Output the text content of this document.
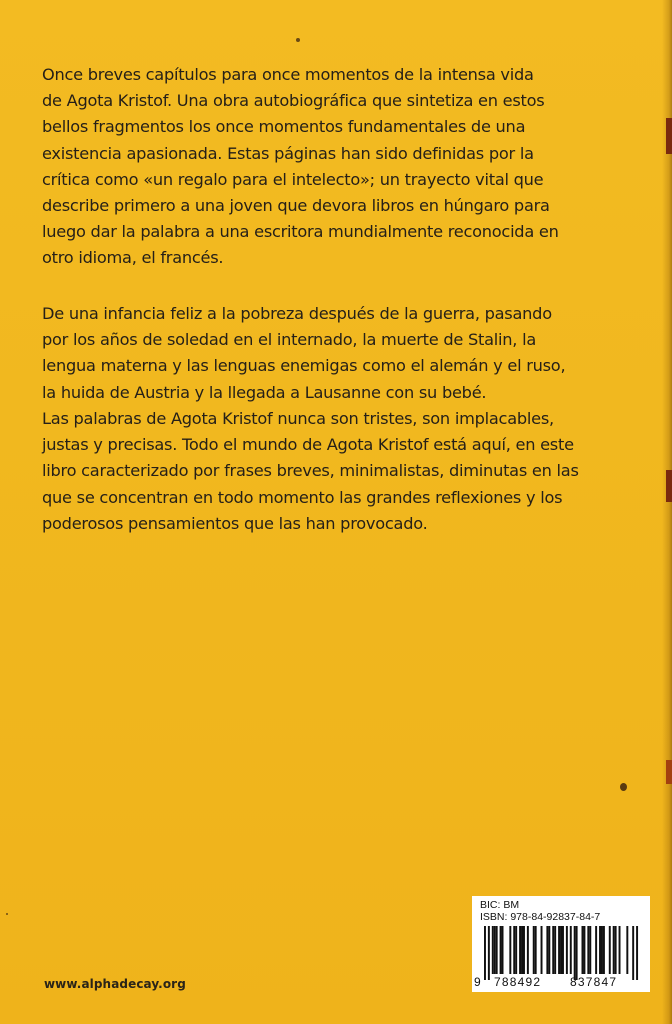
Once breves capítulos para once momentos de la intensa vida
de Agota Kristof. Una obra autobiográfica que sintetiza en estos
bellos fragmentos los once momentos fundamentales de una
existencia apasionada. Estas páginas han sido definidas por la
crítica como «un regalo para el intelecto»; un trayecto vital que
describe primero a una joven que devora libros en húngaro para
luego dar la palabra a una escritora mundialmente reconocida en
otro idioma, el francés.

De una infancia feliz a la pobreza después de la guerra, pasando
por los años de soledad en el internado, la muerte de Stalin, la
lengua materna y las lenguas enemigas como el alemán y el ruso,
la huida de Austria y la llegada a Lausanne con su bebé.

Las palabras de Agota Kristof nunca son tristes, son implacables,
justas y precisas. Todo el mundo de Agota Kristof está aquí, en este
libro caracterizado por frases breves, minimalistas, diminutas en las
que se concentran en todo momento las grandes reflexiones y los
poderosos pensamientos que las han provocado.

www.alphadecay.org
BIC: BM
ISBN: 978-84-92837-84-7
9 788492 837847
